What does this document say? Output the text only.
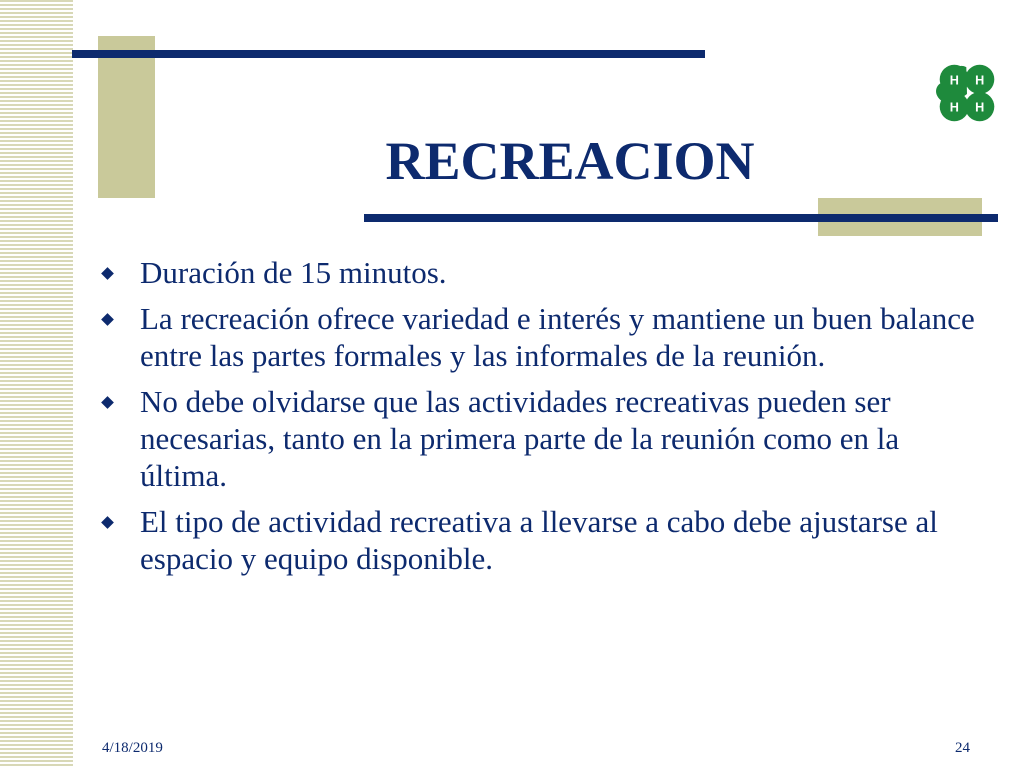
RECREACION
H H
H H
Duración de 15 minutos.
La recreación ofrece variedad e interés y mantiene un buen balance entre las partes formales y las informales de la reunión.
No debe olvidarse que las actividades recreativas pueden ser necesarias, tanto en la primera parte de la reunión como en la última.
El tipo de actividad recreativa a llevarse a cabo debe ajustarse al espacio y equipo disponible.
4/18/2019	24
